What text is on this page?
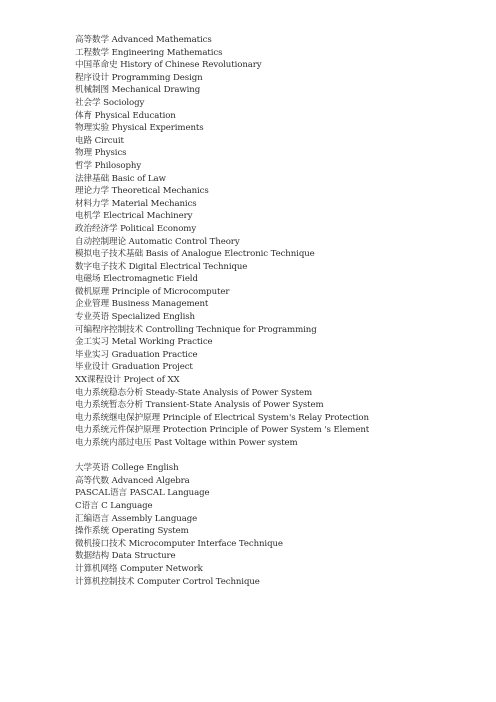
高等数学 Advanced Mathematics
工程数学 Engineering Mathematics
中国革命史 History of Chinese Revolutionary
程序设计 Programming Design
机械制图 Mechanical Drawing
社会学 Sociology
体育 Physical Education
物理实验 Physical Experiments
电路 Circuit
物理 Physics
哲学 Philosophy
法律基础 Basic of Law
理论力学 Theoretical Mechanics
材料力学 Material Mechanics
电机学 Electrical Machinery
政治经济学 Political Economy
自动控制理论 Automatic Control Theory
模拟电子技术基础 Basis of Analogue Electronic Technique
数字电子技术 Digital Electrical Technique
电磁场 Electromagnetic Field
微机原理 Principle of Microcomputer
企业管理 Business Management
专业英语 Specialized English
可编程序控制技术 Controlling Technique for Programming
金工实习 Metal Working Practice
毕业实习 Graduation Practice
毕业设计 Graduation Project
XX课程设计 Project of XX
电力系统稳态分析 Steady-State Analysis of Power System
电力系统暂态分析 Transient-State Analysis of Power System
电力系统继电保护原理 Principle of Electrical System's Relay Protection
电力系统元件保护原理 Protection Principle of Power System 's Element
电力系统内部过电压 Past Voltage within Power system
大学英语 College English
高等代数 Advanced Algebra
PASCAL语言 PASCAL Language
C语言 C Language
汇编语言 Assembly Language
操作系统 Operating System
微机接口技术 Microcomputer Interface Technique
数据结构 Data Structure
计算机网络 Computer Network
计算机控制技术 Computer Cortrol Technique
